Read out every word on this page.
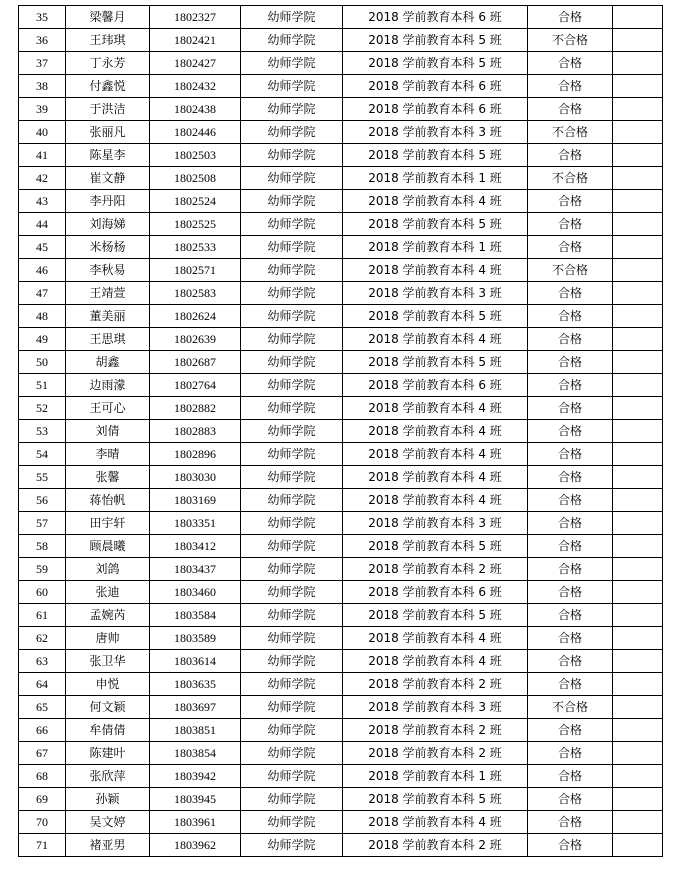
35	梁馨月	1802327	幼师学院	2018 学前教育本科 6 班	合格	
36	王玮琪	1802421	幼师学院	2018 学前教育本科 5 班	不合格	
37	丁永芳	1802427	幼师学院	2018 学前教育本科 5 班	合格	
38	付鑫悦	1802432	幼师学院	2018 学前教育本科 6 班	合格	
39	于洪洁	1802438	幼师学院	2018 学前教育本科 6 班	合格	
40	张丽凡	1802446	幼师学院	2018 学前教育本科 3 班	不合格	
41	陈星李	1802503	幼师学院	2018 学前教育本科 5 班	合格	
42	崔文静	1802508	幼师学院	2018 学前教育本科 1 班	不合格	
43	李丹阳	1802524	幼师学院	2018 学前教育本科 4 班	合格	
44	刘海娣	1802525	幼师学院	2018 学前教育本科 5 班	合格	
45	米杨杨	1802533	幼师学院	2018 学前教育本科 1 班	合格	
46	李秋易	1802571	幼师学院	2018 学前教育本科 4 班	不合格	
47	王靖萱	1802583	幼师学院	2018 学前教育本科 3 班	合格	
48	董美丽	1802624	幼师学院	2018 学前教育本科 5 班	合格	
49	王思琪	1802639	幼师学院	2018 学前教育本科 4 班	合格	
50	胡鑫	1802687	幼师学院	2018 学前教育本科 5 班	合格	
51	边雨濛	1802764	幼师学院	2018 学前教育本科 6 班	合格	
52	王可心	1802882	幼师学院	2018 学前教育本科 4 班	合格	
53	刘倩	1802883	幼师学院	2018 学前教育本科 4 班	合格	
54	李晴	1802896	幼师学院	2018 学前教育本科 4 班	合格	
55	张馨	1803030	幼师学院	2018 学前教育本科 4 班	合格	
56	蒋怡帆	1803169	幼师学院	2018 学前教育本科 4 班	合格	
57	田宇轩	1803351	幼师学院	2018 学前教育本科 3 班	合格	
58	顾晨曦	1803412	幼师学院	2018 学前教育本科 5 班	合格	
59	刘鸽	1803437	幼师学院	2018 学前教育本科 2 班	合格	
60	张迪	1803460	幼师学院	2018 学前教育本科 6 班	合格	
61	孟婉芮	1803584	幼师学院	2018 学前教育本科 5 班	合格	
62	唐帅	1803589	幼师学院	2018 学前教育本科 4 班	合格	
63	张卫华	1803614	幼师学院	2018 学前教育本科 4 班	合格	
64	申悦	1803635	幼师学院	2018 学前教育本科 2 班	合格	
65	何文颖	1803697	幼师学院	2018 学前教育本科 3 班	不合格	
66	牟倩倩	1803851	幼师学院	2018 学前教育本科 2 班	合格	
67	陈建叶	1803854	幼师学院	2018 学前教育本科 2 班	合格	
68	张欣萍	1803942	幼师学院	2018 学前教育本科 1 班	合格	
69	孙颖	1803945	幼师学院	2018 学前教育本科 5 班	合格	
70	吴文婷	1803961	幼师学院	2018 学前教育本科 4 班	合格	
71	褚亚男	1803962	幼师学院	2018 学前教育本科 2 班	合格	
